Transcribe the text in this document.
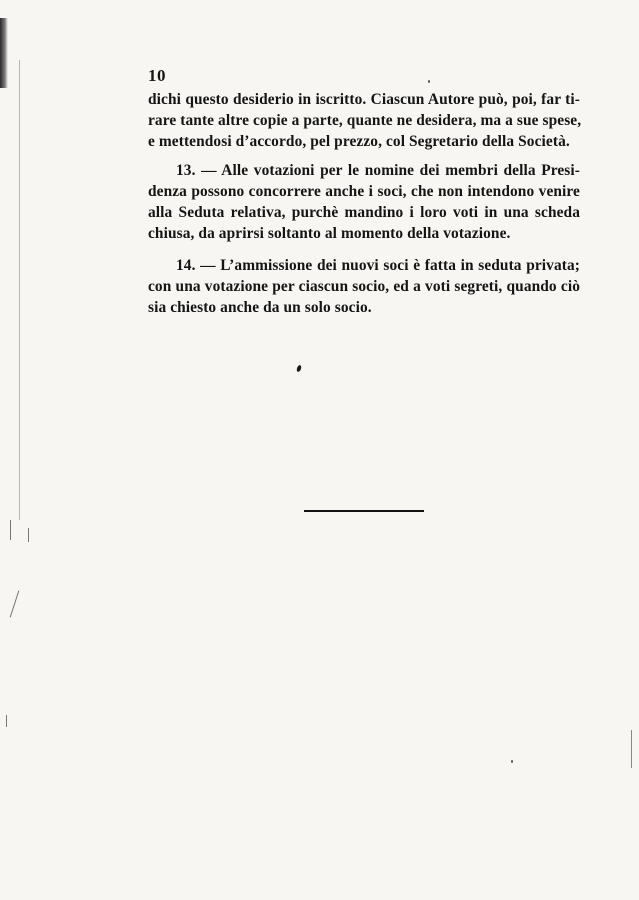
10
dichi questo desiderio in iscritto. Ciascun Autore può, poi, far ti-
rare tante altre copie a parte, quante ne desidera, ma a sue spese,
e mettendosi d’accordo, pel prezzo, col Segretario della Società.
13. — Alle votazioni per le nomine dei membri della Presi-
denza possono concorrere anche i soci, che non intendono venire
alla Seduta relativa, purchè mandino i loro voti in una scheda
chiusa, da aprirsi soltanto al momento della votazione.
14. — L’ammissione dei nuovi soci è fatta in seduta privata;
con una votazione per ciascun socio, ed a voti segreti, quando ciò
sia chiesto anche da un solo socio.
